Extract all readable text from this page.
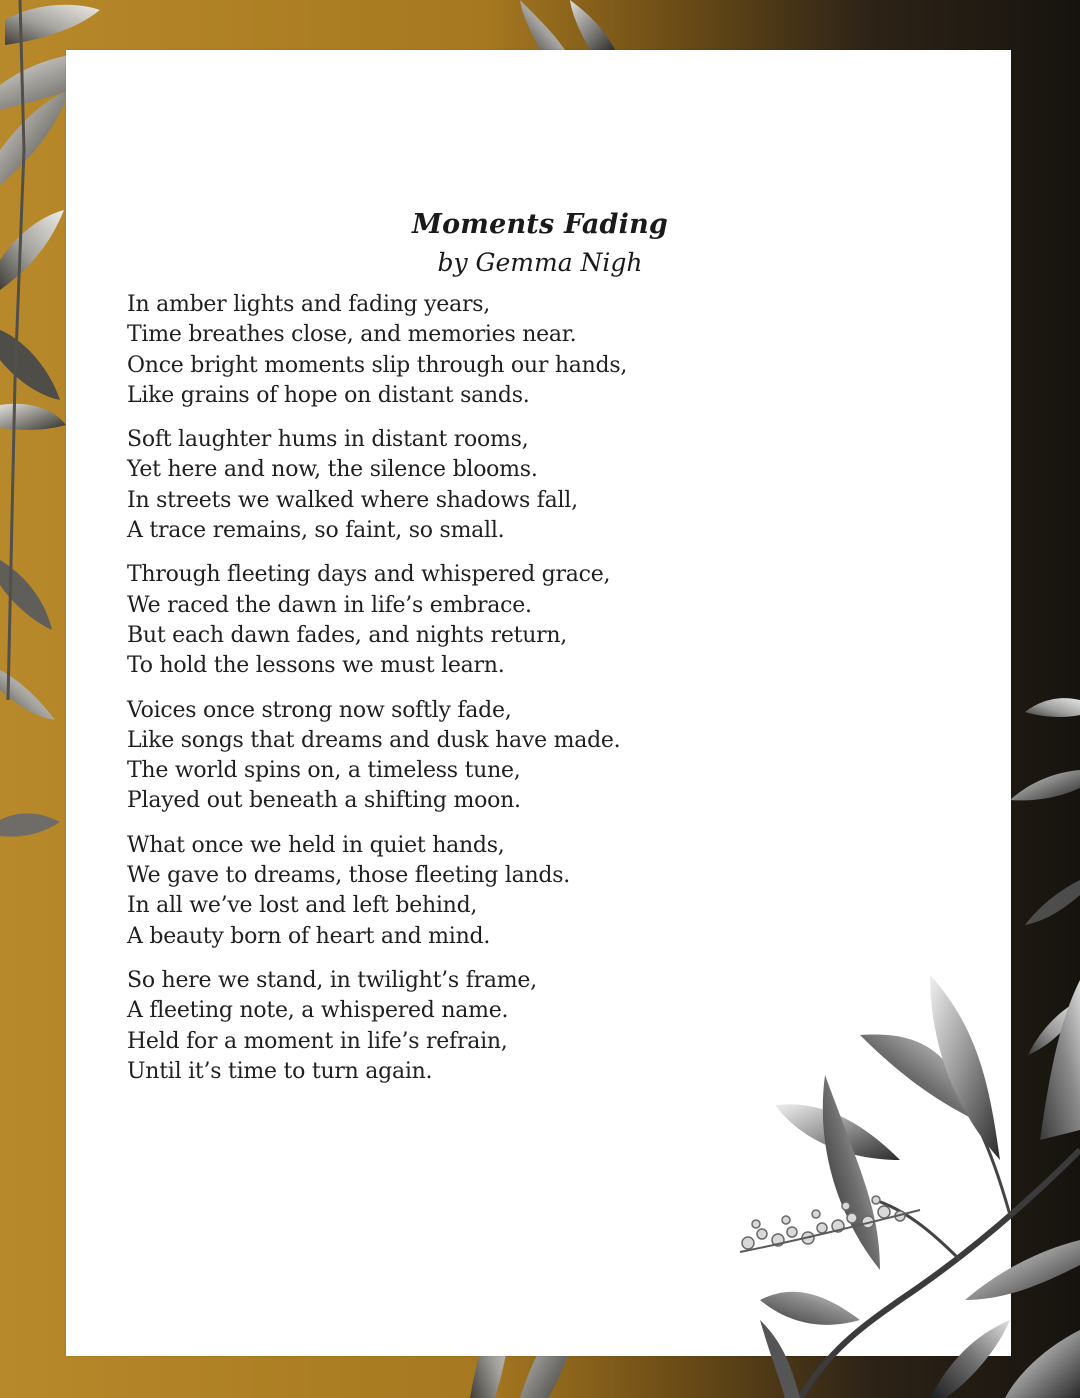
Moments Fading
by Gemma Nigh
In amber lights and fading years,
Time breathes close, and memories near.
Once bright moments slip through our hands,
Like grains of hope on distant sands.
Soft laughter hums in distant rooms,
Yet here and now, the silence blooms.
In streets we walked where shadows fall,
A trace remains, so faint, so small.
Through fleeting days and whispered grace,
We raced the dawn in life’s embrace.
But each dawn fades, and nights return,
To hold the lessons we must learn.
Voices once strong now softly fade,
Like songs that dreams and dusk have made.
The world spins on, a timeless tune,
Played out beneath a shifting moon.
What once we held in quiet hands,
We gave to dreams, those fleeting lands.
In all we’ve lost and left behind,
A beauty born of heart and mind.
So here we stand, in twilight’s frame,
A fleeting note, a whispered name.
Held for a moment in life’s refrain,
Until it’s time to turn again.
